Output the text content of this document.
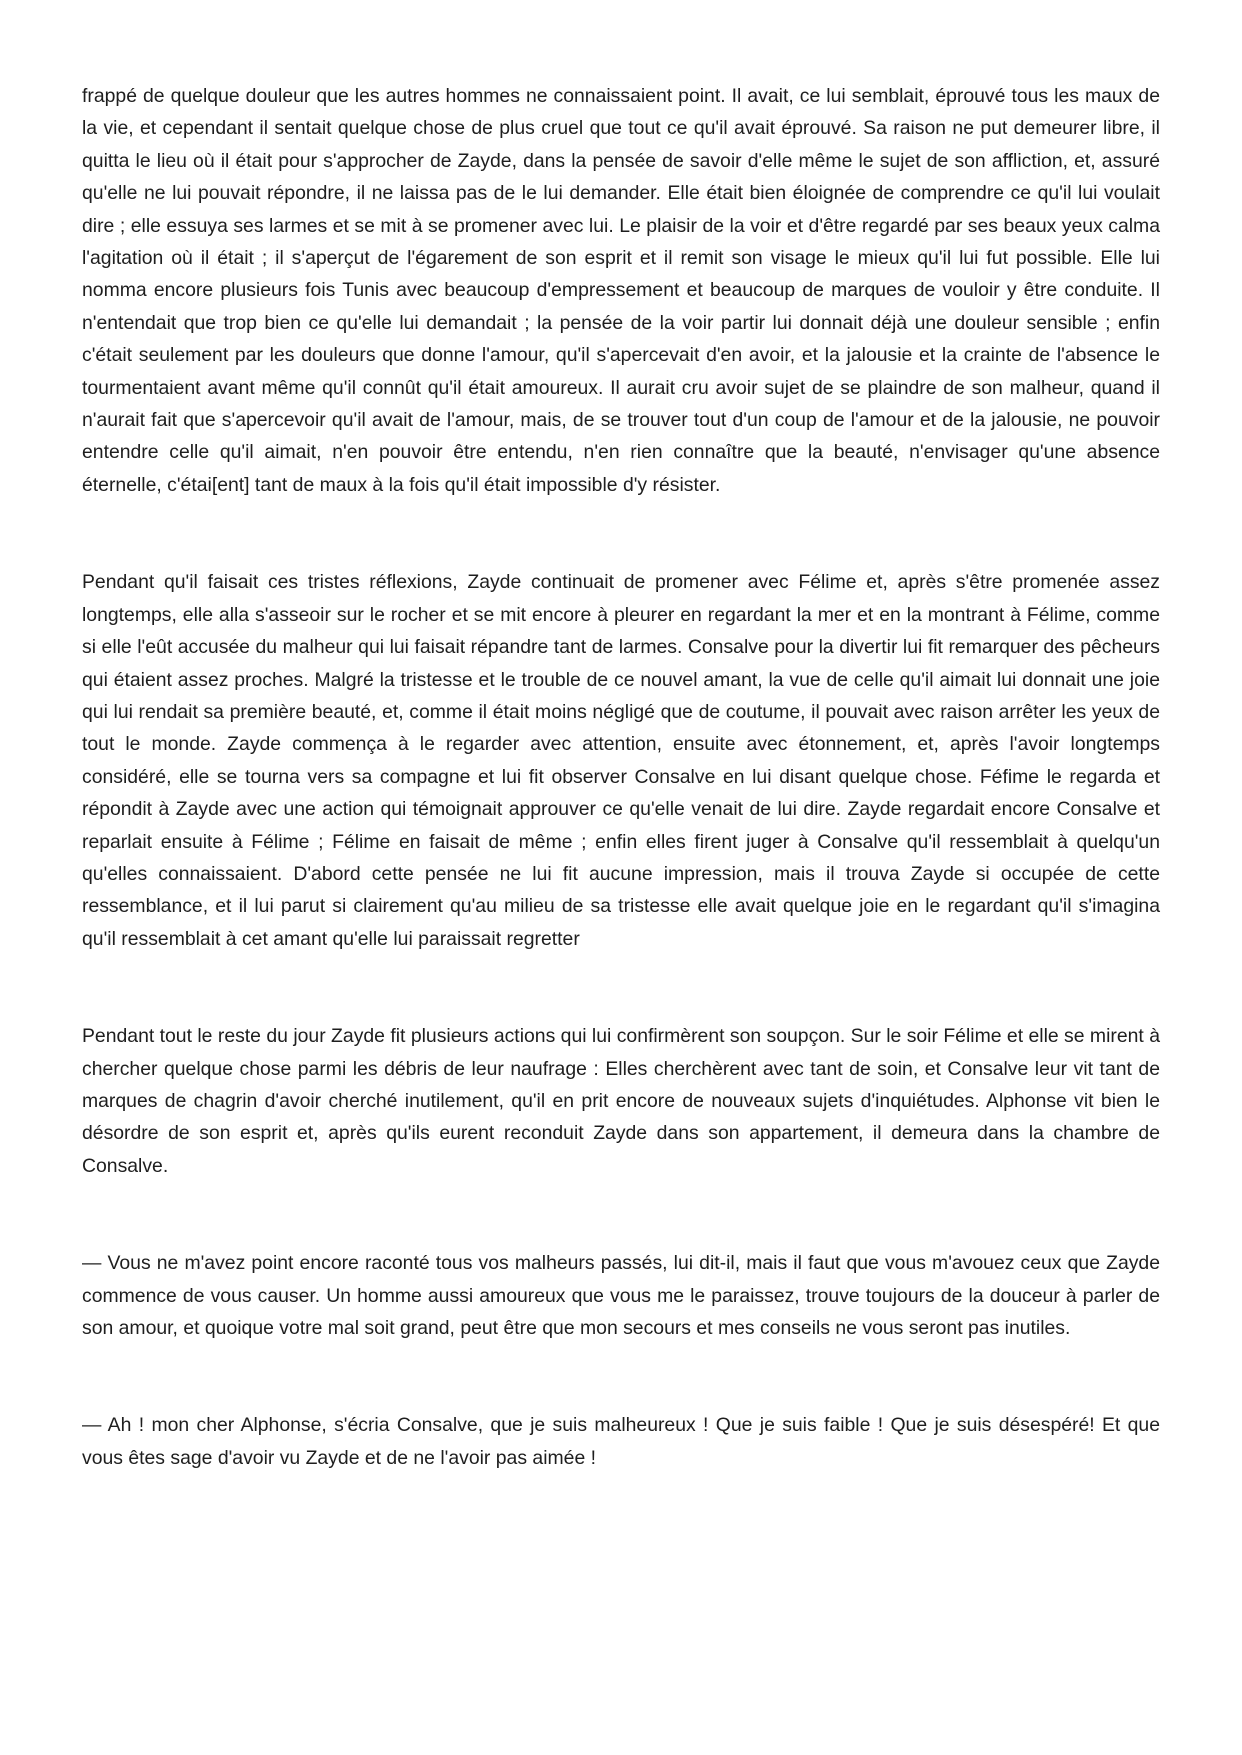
frappé de quelque douleur que les autres hommes ne connaissaient point. Il avait, ce lui semblait, éprouvé tous les maux de la vie, et cependant il sentait quelque chose de plus cruel que tout ce qu'il avait éprouvé. Sa raison ne put demeurer libre, il quitta le lieu où il était pour s'approcher de Zayde, dans la pensée de savoir d'elle même le sujet de son affliction, et, assuré qu'elle ne lui pouvait répondre, il ne laissa pas de le lui demander. Elle était bien éloignée de comprendre ce qu'il lui voulait dire ; elle essuya ses larmes et se mit à se promener avec lui. Le plaisir de la voir et d'être regardé par ses beaux yeux calma l'agitation où il était ; il s'aperçut de l'égarement de son esprit et il remit son visage le mieux qu'il lui fut possible. Elle lui nomma encore plusieurs fois Tunis avec beaucoup d'empressement et beaucoup de marques de vouloir y être conduite. Il n'entendait que trop bien ce qu'elle lui demandait ; la pensée de la voir partir lui donnait déjà une douleur sensible ; enfin c'était seulement par les douleurs que donne l'amour, qu'il s'apercevait d'en avoir, et la jalousie et la crainte de l'absence le tourmentaient avant même qu'il connût qu'il était amoureux. Il aurait cru avoir sujet de se plaindre de son malheur, quand il n'aurait fait que s'apercevoir qu'il avait de l'amour, mais, de se trouver tout d'un coup de l'amour et de la jalousie, ne pouvoir entendre celle qu'il aimait, n'en pouvoir être entendu, n'en rien connaître que la beauté, n'envisager qu'une absence éternelle, c'étai[ent] tant de maux à la fois qu'il était impossible d'y résister.

Pendant qu'il faisait ces tristes réflexions, Zayde continuait de promener avec Félime et, après s'être promenée assez longtemps, elle alla s'asseoir sur le rocher et se mit encore à pleurer en regardant la mer et en la montrant à Félime, comme si elle l'eût accusée du malheur qui lui faisait répandre tant de larmes. Consalve pour la divertir lui fit remarquer des pêcheurs qui étaient assez proches. Malgré la tristesse et le trouble de ce nouvel amant, la vue de celle qu'il aimait lui donnait une joie qui lui rendait sa première beauté, et, comme il était moins négligé que de coutume, il pouvait avec raison arrêter les yeux de tout le monde. Zayde commença à le regarder avec attention, ensuite avec étonnement, et, après l'avoir longtemps considéré, elle se tourna vers sa compagne et lui fit observer Consalve en lui disant quelque chose. Féfime le regarda et répondit à Zayde avec une action qui témoignait approuver ce qu'elle venait de lui dire. Zayde regardait encore Consalve et reparlait ensuite à Félime ; Félime en faisait de même ; enfin elles firent juger à Consalve qu'il ressemblait à quelqu'un qu'elles connaissaient. D'abord cette pensée ne lui fit aucune impression, mais il trouva Zayde si occupée de cette ressemblance, et il lui parut si clairement qu'au milieu de sa tristesse elle avait quelque joie en le regardant qu'il s'imagina qu'il ressemblait à cet amant qu'elle lui paraissait regretter

Pendant tout le reste du jour Zayde fit plusieurs actions qui lui confirmèrent son soupçon. Sur le soir Félime et elle se mirent à chercher quelque chose parmi les débris de leur naufrage : Elles cherchèrent avec tant de soin, et Consalve leur vit tant de marques de chagrin d'avoir cherché inutilement, qu'il en prit encore de nouveaux sujets d'inquiétudes. Alphonse vit bien le désordre de son esprit et, après qu'ils eurent reconduit Zayde dans son appartement, il demeura dans la chambre de Consalve.

— Vous ne m'avez point encore raconté tous vos malheurs passés, lui dit-il, mais il faut que vous m'avouez ceux que Zayde commence de vous causer. Un homme aussi amoureux que vous me le paraissez, trouve toujours de la douceur à parler de son amour, et quoique votre mal soit grand, peut être que mon secours et mes conseils ne vous seront pas inutiles.

— Ah ! mon cher Alphonse, s'écria Consalve, que je suis malheureux ! Que je suis faible ! Que je suis désespéré! Et que vous êtes sage d'avoir vu Zayde et de ne l'avoir pas aimée !
